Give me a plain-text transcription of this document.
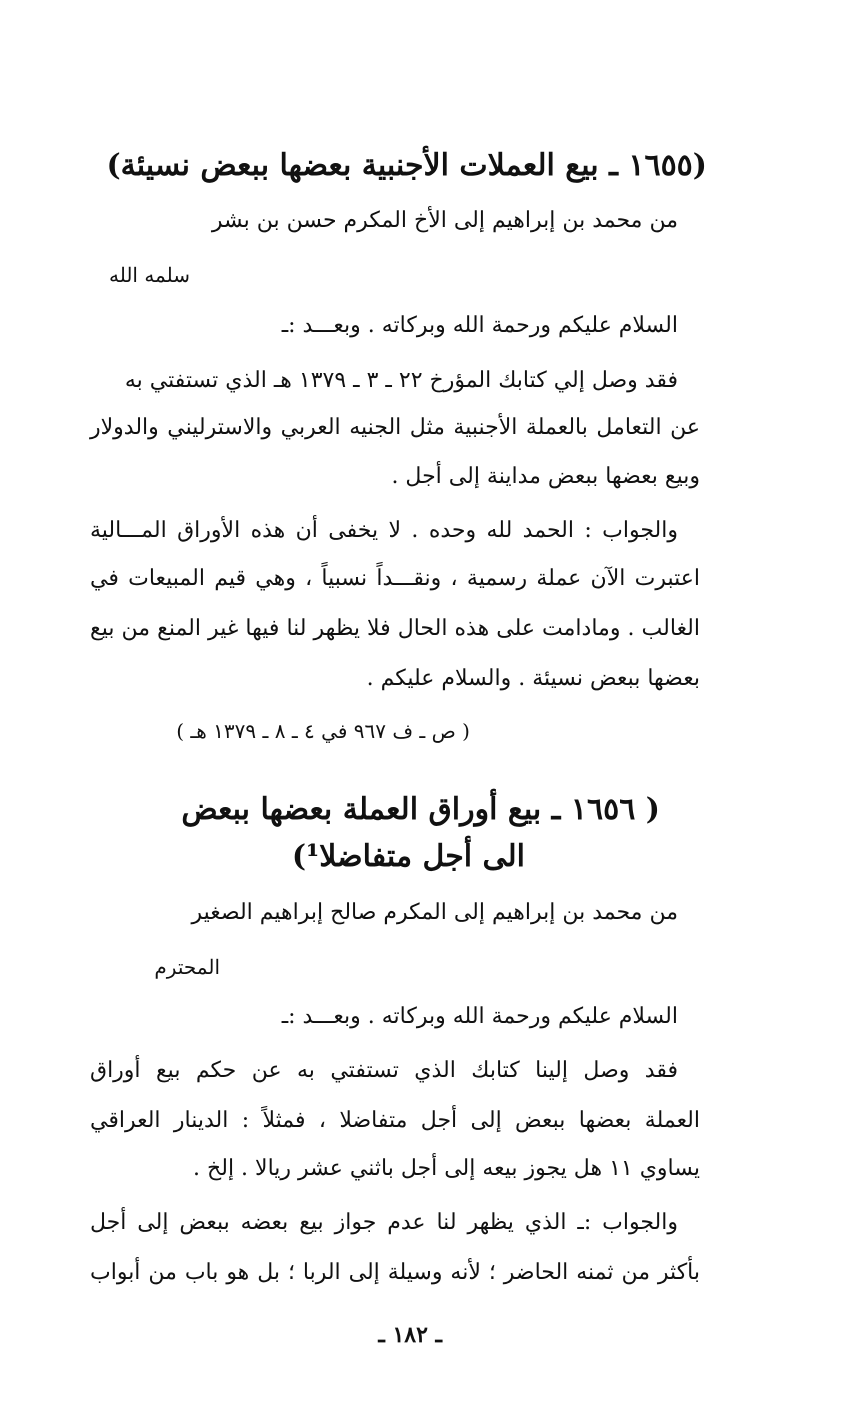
(١٦٥٥ ـ بيع العملات الأجنبية بعضها ببعض نسيئة)
من محمد بن إبراهيم إلى الأخ المكرم حسن بن بشر
سلمه الله
السلام عليكم ورحمة الله وبركاته . وبعـــد :ـ
فقد وصل إلي كتابك المؤرخ ٢٢ ـ ٣ ـ ١٣٧٩ هـ الذي تستفتي به
عن التعامل بالعملة الأجنبية مثل الجنيه العربي والاسترليني والدولار
وبيع بعضها ببعض مداينة إلى أجل .
والجواب : الحمد لله وحده . لا يخفى أن هذه الأوراق المـــالية
اعتبرت الآن عملة رسمية ، ونقـــداً نسبياً ، وهي قيم المبيعات في
الغالب . ومادامت على هذه الحال فلا يظهر لنا فيها غير المنع من بيع
بعضها ببعض نسيئة . والسلام عليكم .
( ص ـ ف ٩٦٧ في ٤ ـ ٨ ـ ١٣٧٩ هـ )
( ١٦٥٦ ـ بيع أوراق العملة بعضها ببعض
الى أجل متفاضلا¹)
من محمد بن إبراهيم إلى المكرم صالح إبراهيم الصغير
المحترم
السلام عليكم ورحمة الله وبركاته . وبعـــد :ـ
فقد وصل إلينا كتابك الذي تستفتي به عن حكم بيع أوراق
العملة بعضها ببعض إلى أجل متفاضلا ، فمثلاً : الدينار العراقي
يساوي ١١ هل يجوز بيعه إلى أجل باثني عشر ريالا . إلخ .
والجواب :ـ الذي يظهر لنا عدم جواز بيع بعضه ببعض إلى أجل
بأكثر من ثمنه الحاضر ؛ لأنه وسيلة إلى الربا ؛ بل هو باب من أبواب
ـ ١٨٢ ـ
